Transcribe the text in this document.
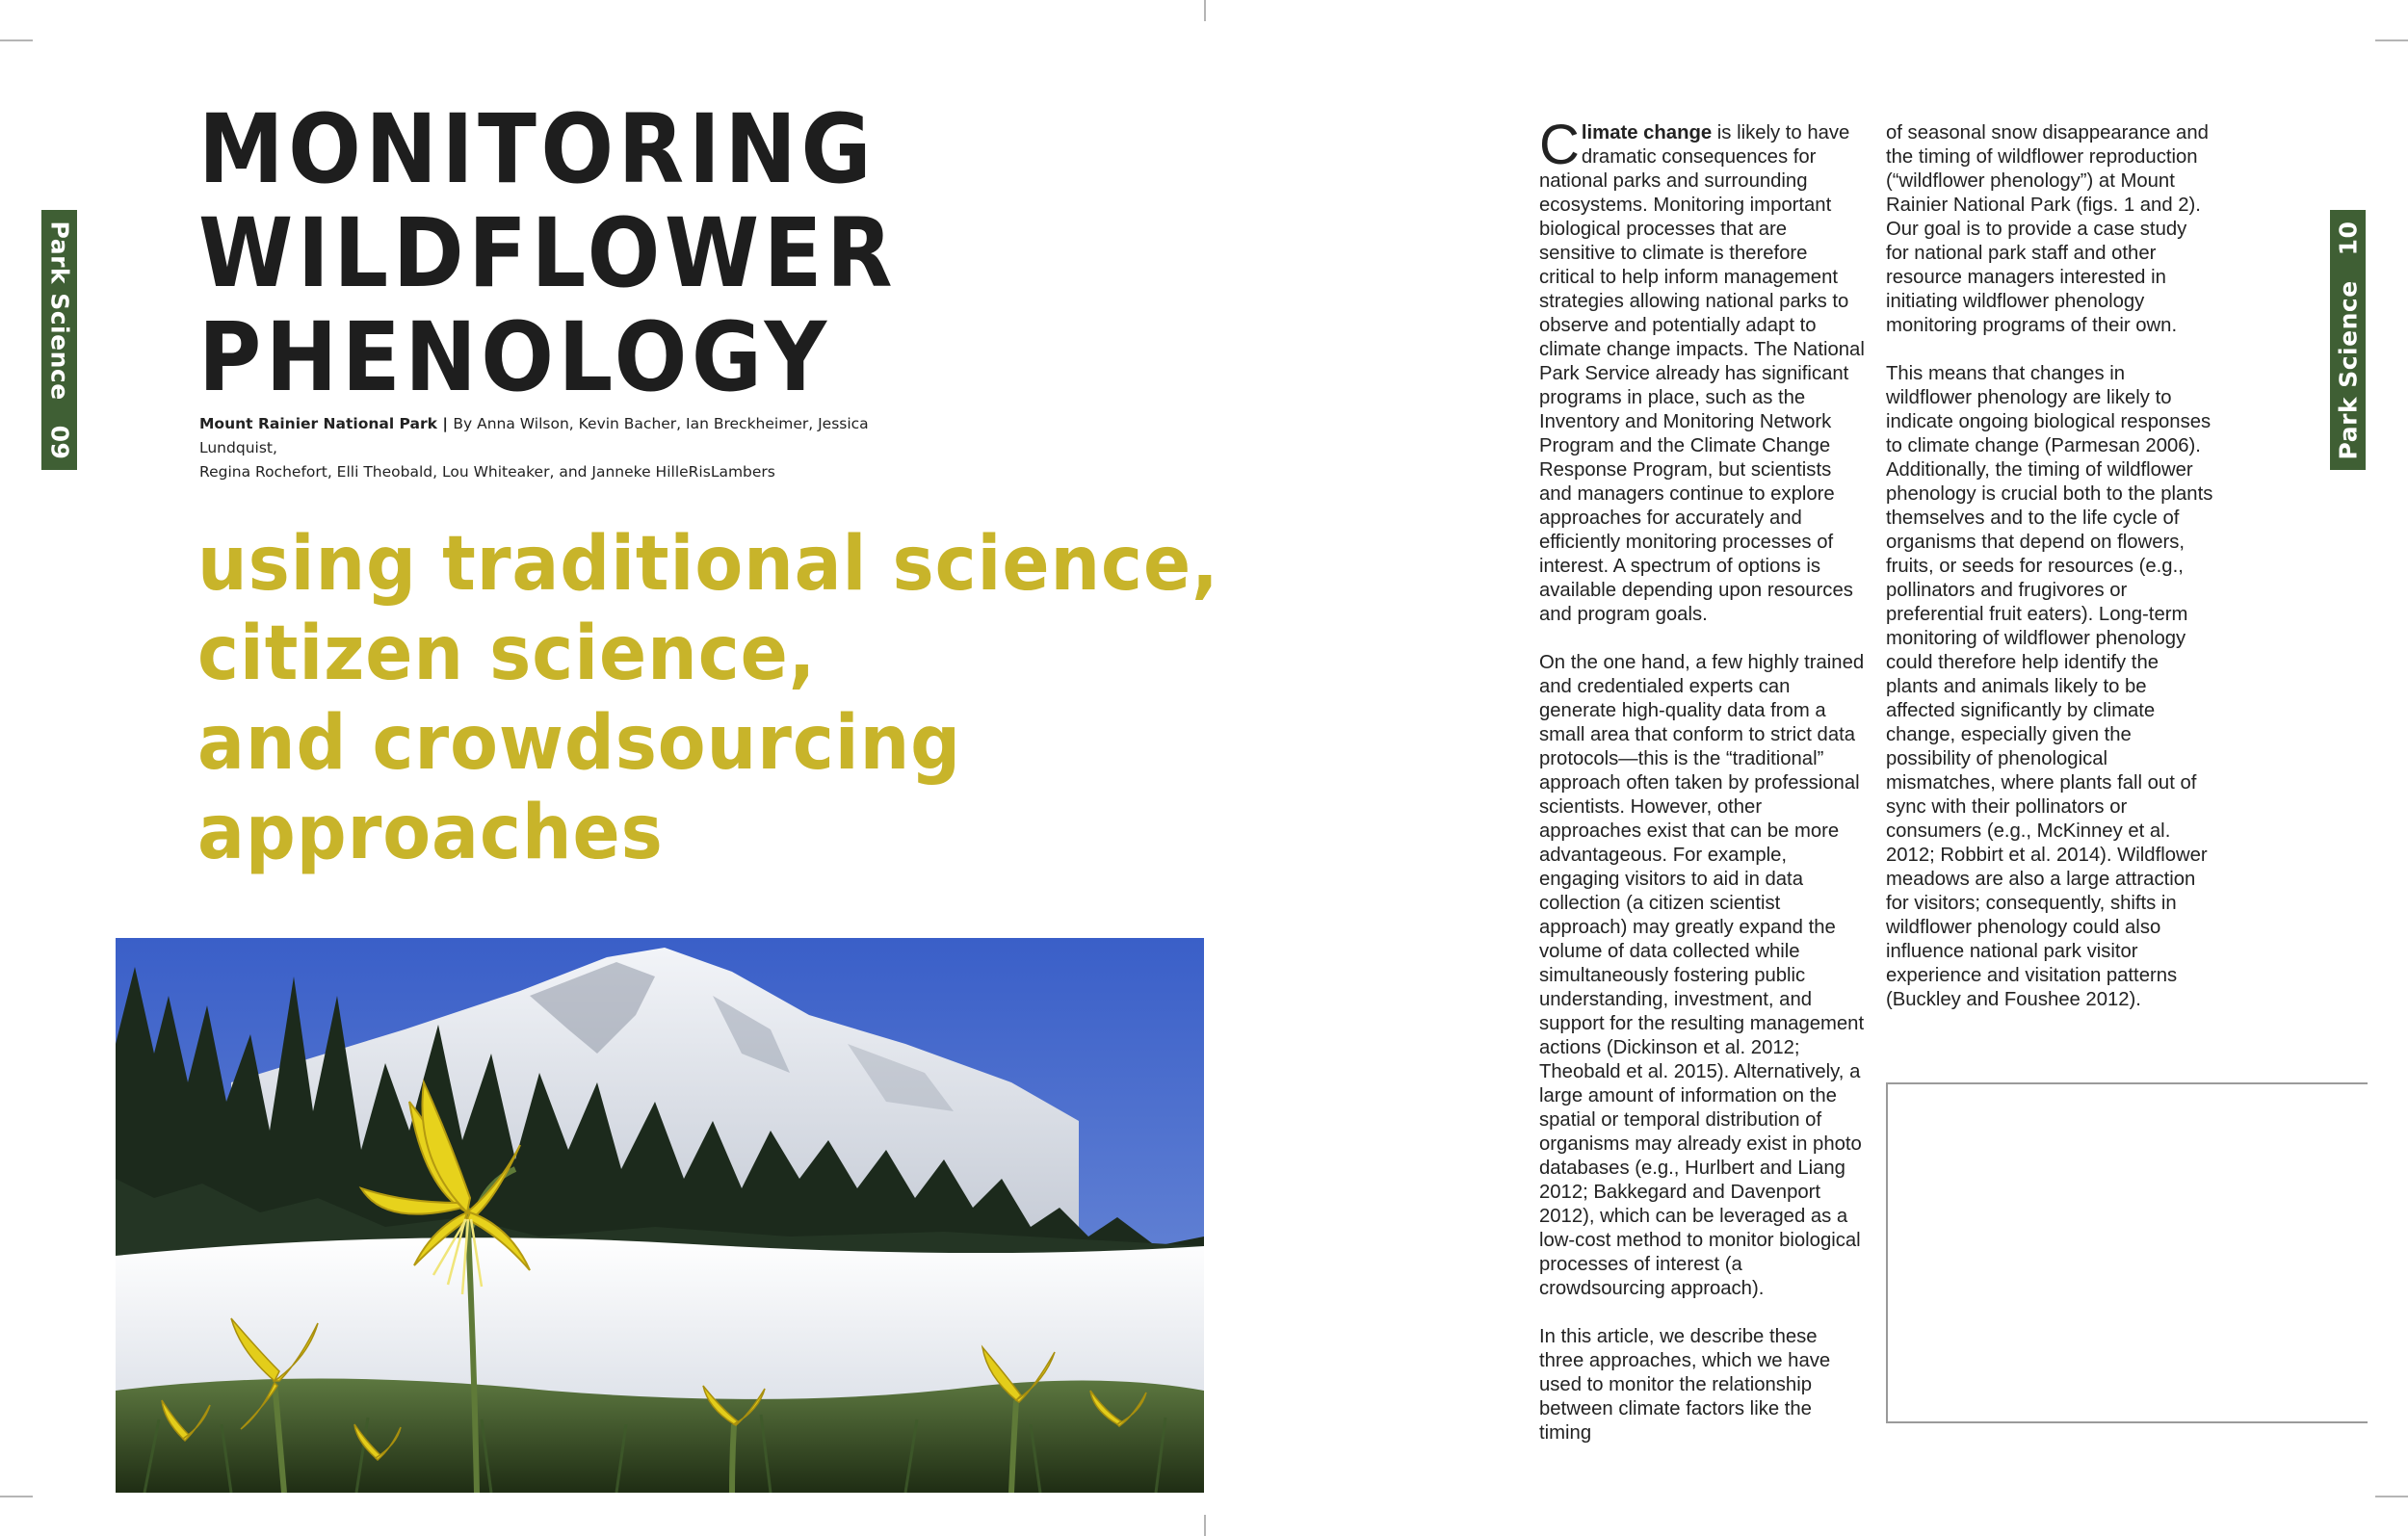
Park Science09	Park Science10
MONITORING
WILDFLOWER
PHENOLOGY
Mount Rainier National Park | By Anna Wilson, Kevin Bacher, Ian Breckheimer, Jessica Lundquist,
Regina Rochefort, Elli Theobald, Lou Whiteaker, and Janneke HilleRisLambers
using traditional science,
citizen science,
and crowdsourcing
approaches

Climate change is likely to have dramatic consequences for national parks and surrounding ecosystems. Monitoring important biological processes that are sensitive to climate is therefore critical to help inform management strategies allowing national parks to observe and potentially adapt to climate change impacts. The National Park Service already has significant programs in place, such as the Inventory and Monitoring Network Program and the Climate Change Response Program, but scientists and managers continue to explore approaches for accurately and efficiently monitoring processes of interest. A spectrum of options is available depending upon resources and program goals.

On the one hand, a few highly trained and credentialed experts can generate high-quality data from a small area that conform to strict data protocols—this is the “traditional” approach often taken by professional scientists. However, other approaches exist that can be more advantageous. For example, engaging visitors to aid in data collection (a citizen scientist approach) may greatly expand the volume of data collected while simultaneously fostering public understanding, investment, and support for the resulting management actions (Dickinson et al. 2012; Theobald et al. 2015). Alternatively, a large amount of information on the spatial or temporal distribution of organisms may already exist in photo databases (e.g., Hurlbert and Liang 2012; Bakkegard and Davenport 2012), which can be leveraged as a low-cost method to monitor biological processes of interest (a crowdsourcing approach).

In this article, we describe these three approaches, which we have used to monitor the relationship between climate factors like the timing

of seasonal snow disappearance and the timing of wildflower reproduction (“wildflower phenology”) at Mount Rainier National Park (figs. 1 and 2). Our goal is to provide a case study for national park staff and other resource managers interested in initiating wildflower phenology monitoring programs of their own.

This means that changes in wildflower phenology are likely to indicate ongoing biological responses to climate change (Parmesan 2006). Additionally, the timing of wildflower phenology is crucial both to the plants themselves and to the life cycle of organisms that depend on flowers, fruits, or seeds for resources (e.g., pollinators and frugivores or preferential fruit eaters). Long-term monitoring of wildflower phenology could therefore help identify the plants and animals likely to be affected significantly by climate change, especially given the possibility of phenological mismatches, where plants fall out of sync with their pollinators or consumers (e.g., McKinney et al. 2012; Robbirt et al. 2014). Wildflower meadows are also a large attraction for visitors; consequently, shifts in wildflower phenology could also influence national park visitor experience and visitation patterns (Buckley and Foushee 2012).
